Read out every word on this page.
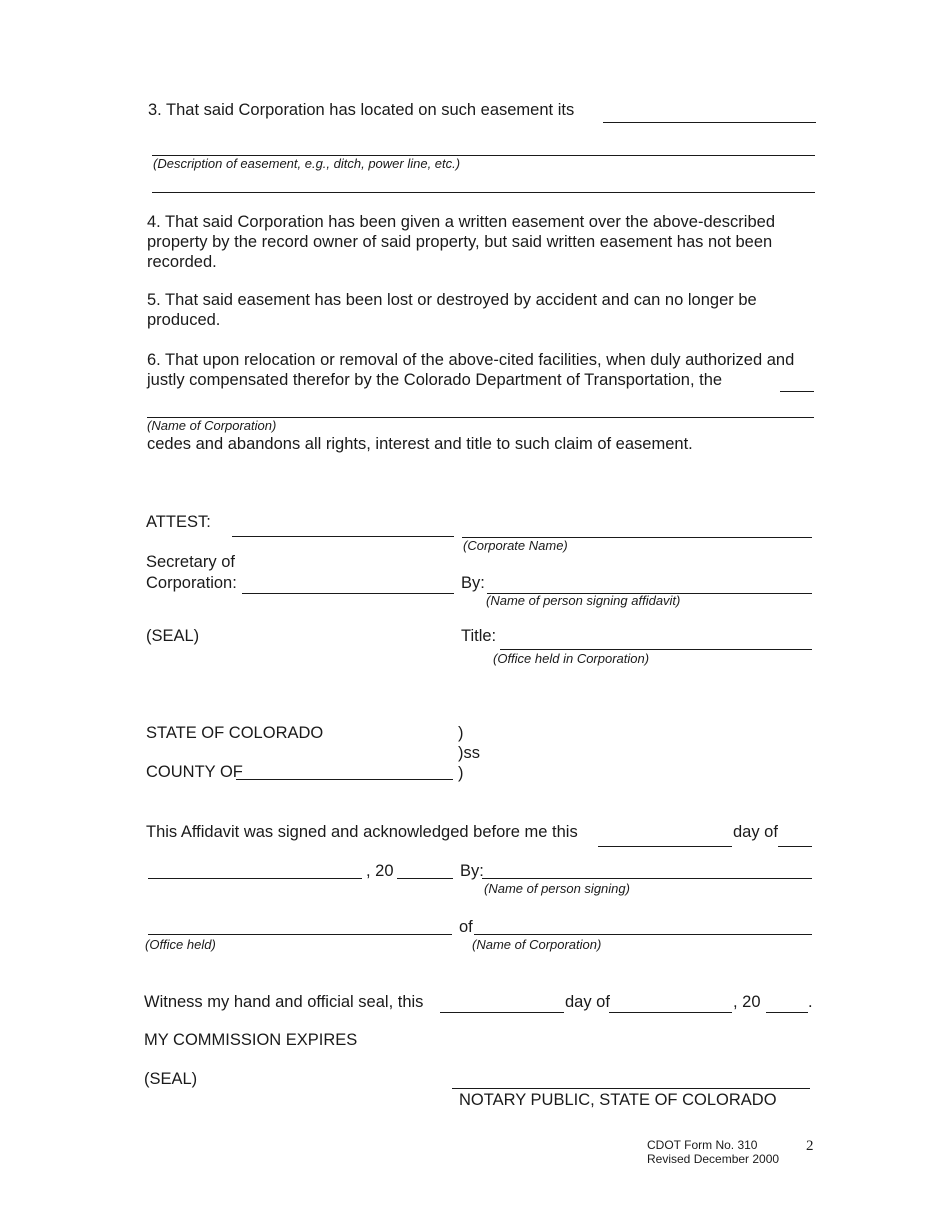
3. That said Corporation has located on such easement its
(Description of easement, e.g., ditch, power line, etc.)
4. That said Corporation has been given a written easement over the above-described property by the record owner of said property, but said written easement has not been recorded.
5. That said easement has been lost or destroyed by accident and can no longer be produced.
6. That upon relocation or removal of the above-cited facilities, when duly authorized and justly compensated therefor by the Colorado Department of Transportation, the
(Name of Corporation)
cedes and abandons all rights, interest and title to such claim of easement.
ATTEST:
(Corporate Name)
Secretary of
Corporation:	By:
(Name of person signing affidavit)
(SEAL)	Title:
(Office held in Corporation)
STATE OF COLORADO	)
)ss
COUNTY OF	)
This Affidavit was signed and acknowledged before me this	day of
, 20	By:
(Name of person signing)
of
(Office held)	(Name of Corporation)
Witness my hand and official seal, this	day of	, 20	.
MY COMMISSION EXPIRES
(SEAL)
NOTARY PUBLIC, STATE OF COLORADO
CDOT Form No. 310
Revised December 2000
2
